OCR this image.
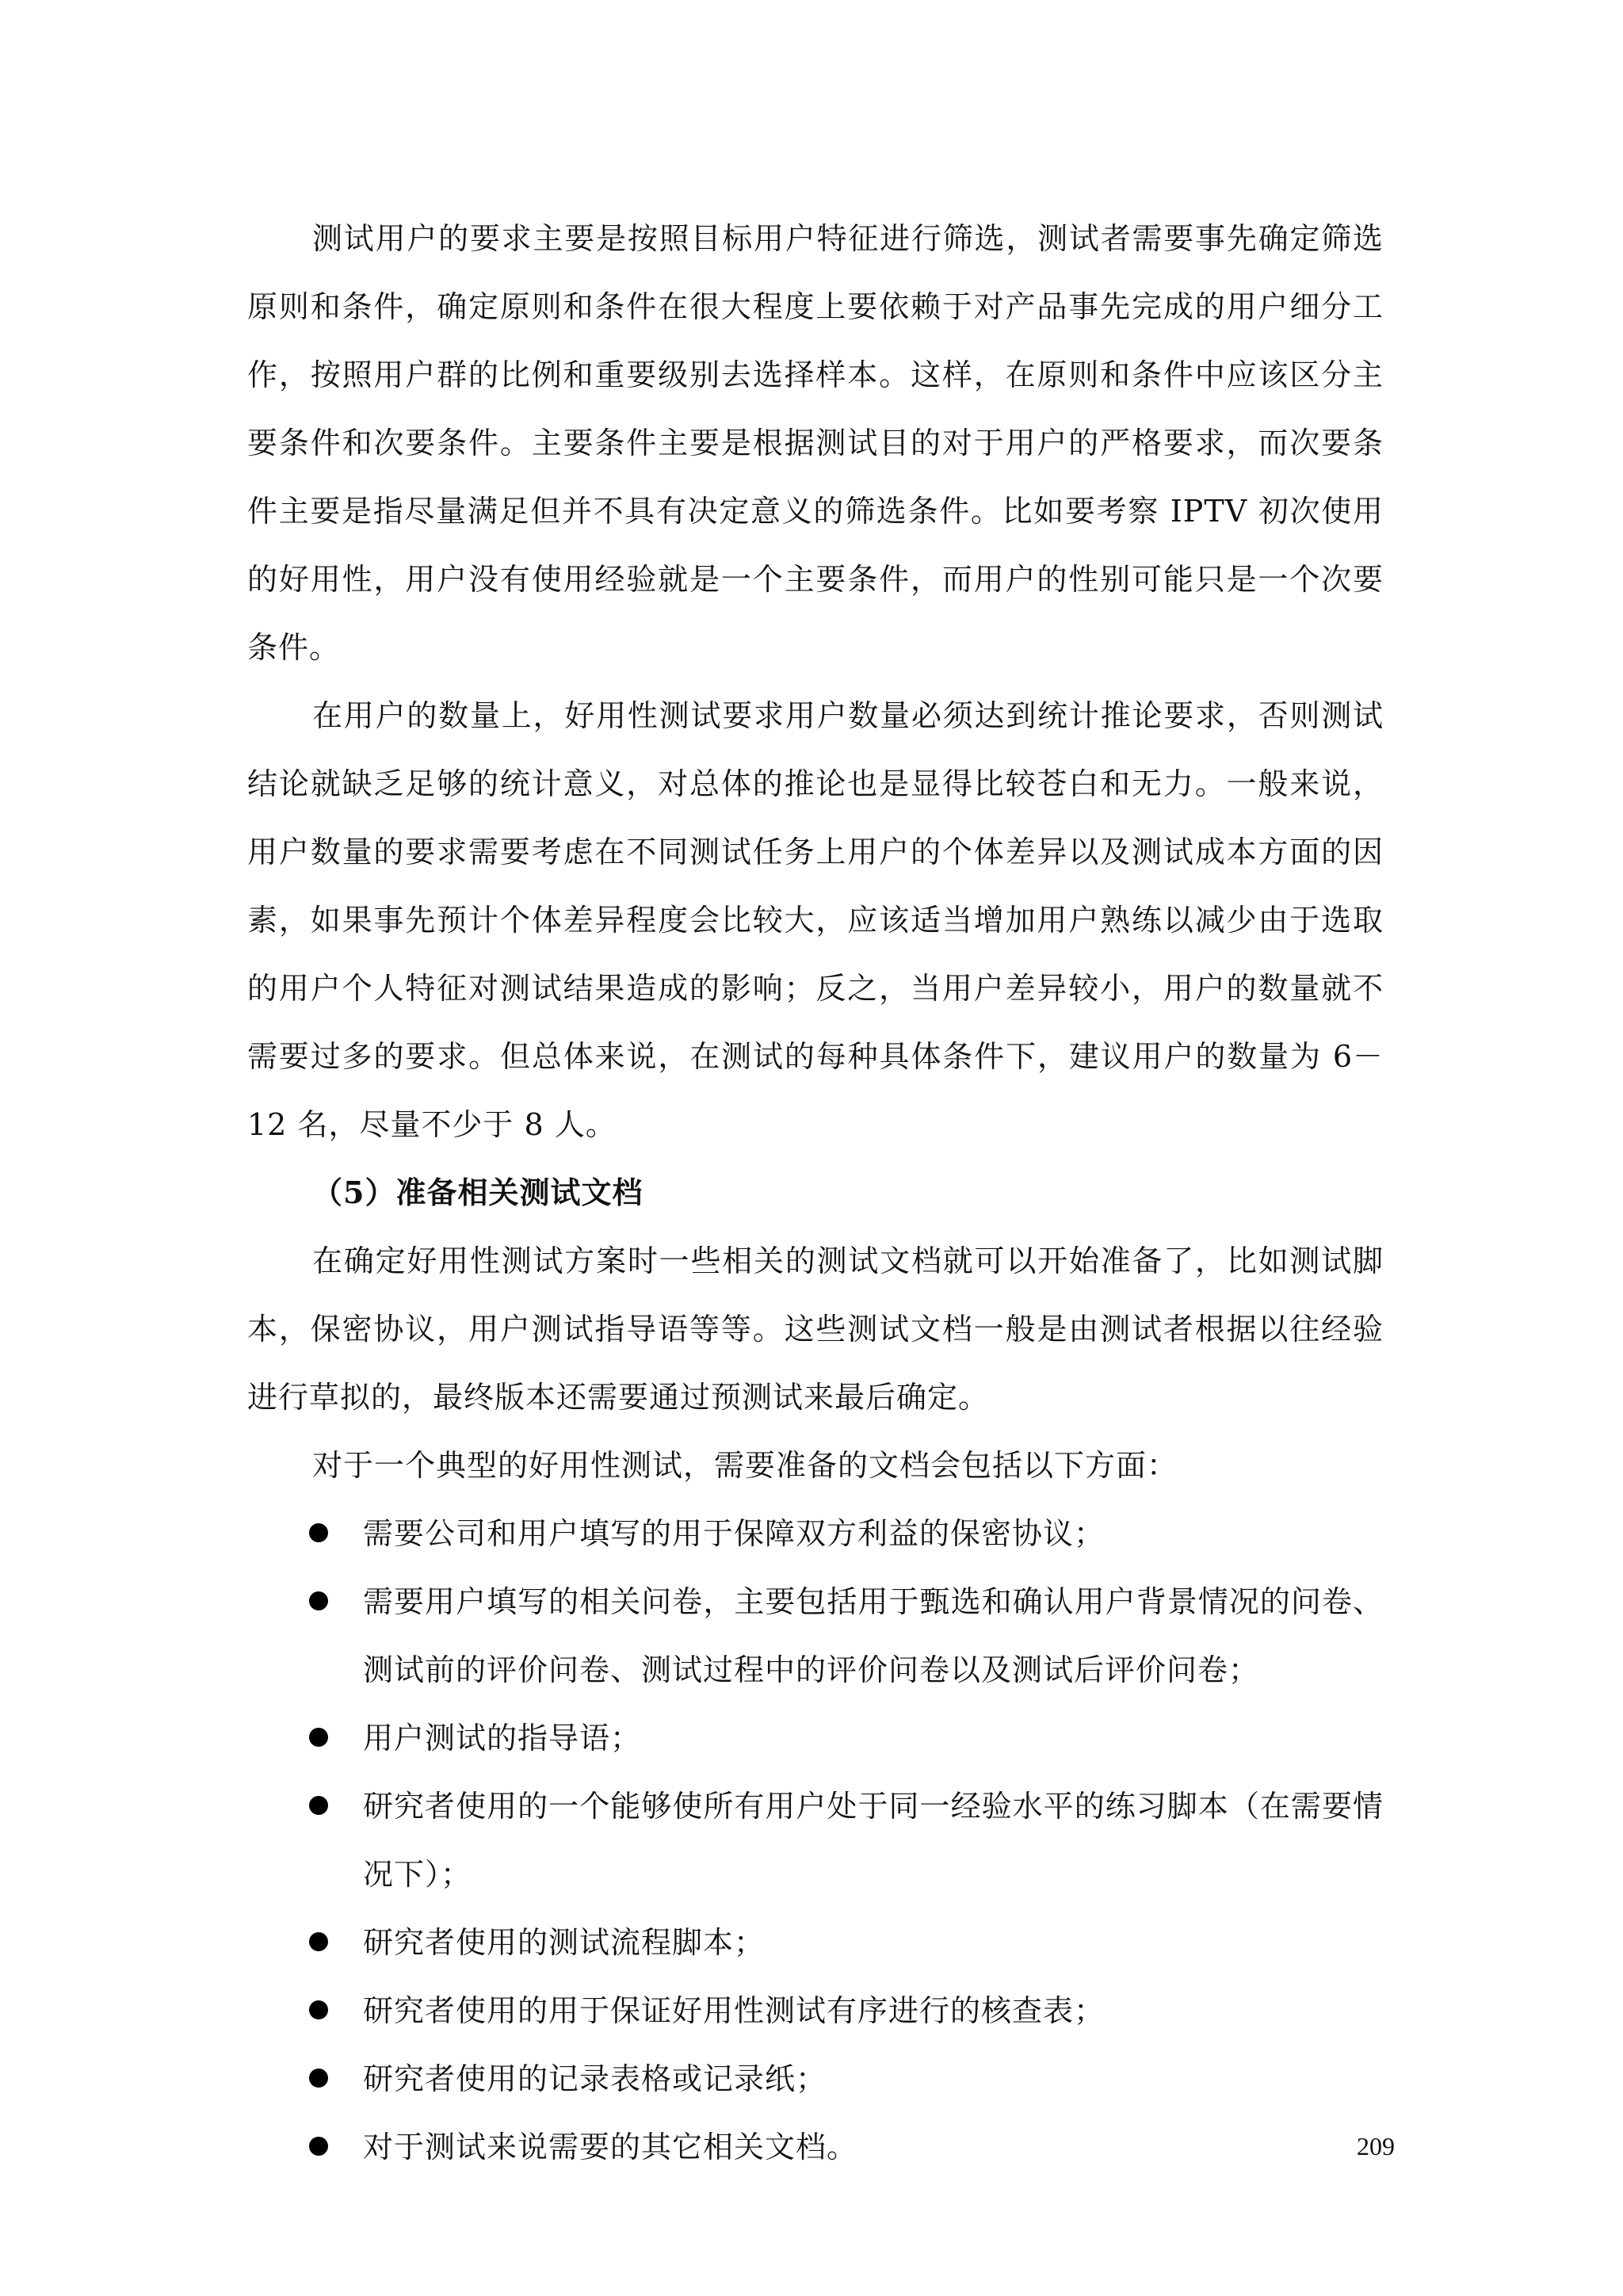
测试用户的要求主要是按照目标用户特征进行筛选，测试者需要事先确定筛选原则和条件，确定原则和条件在很大程度上要依赖于对产品事先完成的用户细分工作，按照用户群的比例和重要级别去选择样本。这样，在原则和条件中应该区分主要条件和次要条件。主要条件主要是根据测试目的对于用户的严格要求，而次要条件主要是指尽量满足但并不具有决定意义的筛选条件。比如要考察 IPTV 初次使用的好用性，用户没有使用经验就是一个主要条件，而用户的性别可能只是一个次要条件。

在用户的数量上，好用性测试要求用户数量必须达到统计推论要求，否则测试结论就缺乏足够的统计意义，对总体的推论也是显得比较苍白和无力。一般来说，用户数量的要求需要考虑在不同测试任务上用户的个体差异以及测试成本方面的因素，如果事先预计个体差异程度会比较大，应该适当增加用户熟练以减少由于选取的用户个人特征对测试结果造成的影响；反之，当用户差异较小，用户的数量就不需要过多的要求。但总体来说，在测试的每种具体条件下，建议用户的数量为 6－12 名，尽量不少于 8 人。

（5）准备相关测试文档

在确定好用性测试方案时一些相关的测试文档就可以开始准备了，比如测试脚本，保密协议，用户测试指导语等等。这些测试文档一般是由测试者根据以往经验进行草拟的，最终版本还需要通过预测试来最后确定。

对于一个典型的好用性测试，需要准备的文档会包括以下方面：

需要公司和用户填写的用于保障双方利益的保密协议；
需要用户填写的相关问卷，主要包括用于甄选和确认用户背景情况的问卷、测试前的评价问卷、测试过程中的评价问卷以及测试后评价问卷；
用户测试的指导语；
研究者使用的一个能够使所有用户处于同一经验水平的练习脚本（在需要情况下）；
研究者使用的测试流程脚本；
研究者使用的用于保证好用性测试有序进行的核查表；
研究者使用的记录表格或记录纸；
对于测试来说需要的其它相关文档。	209
